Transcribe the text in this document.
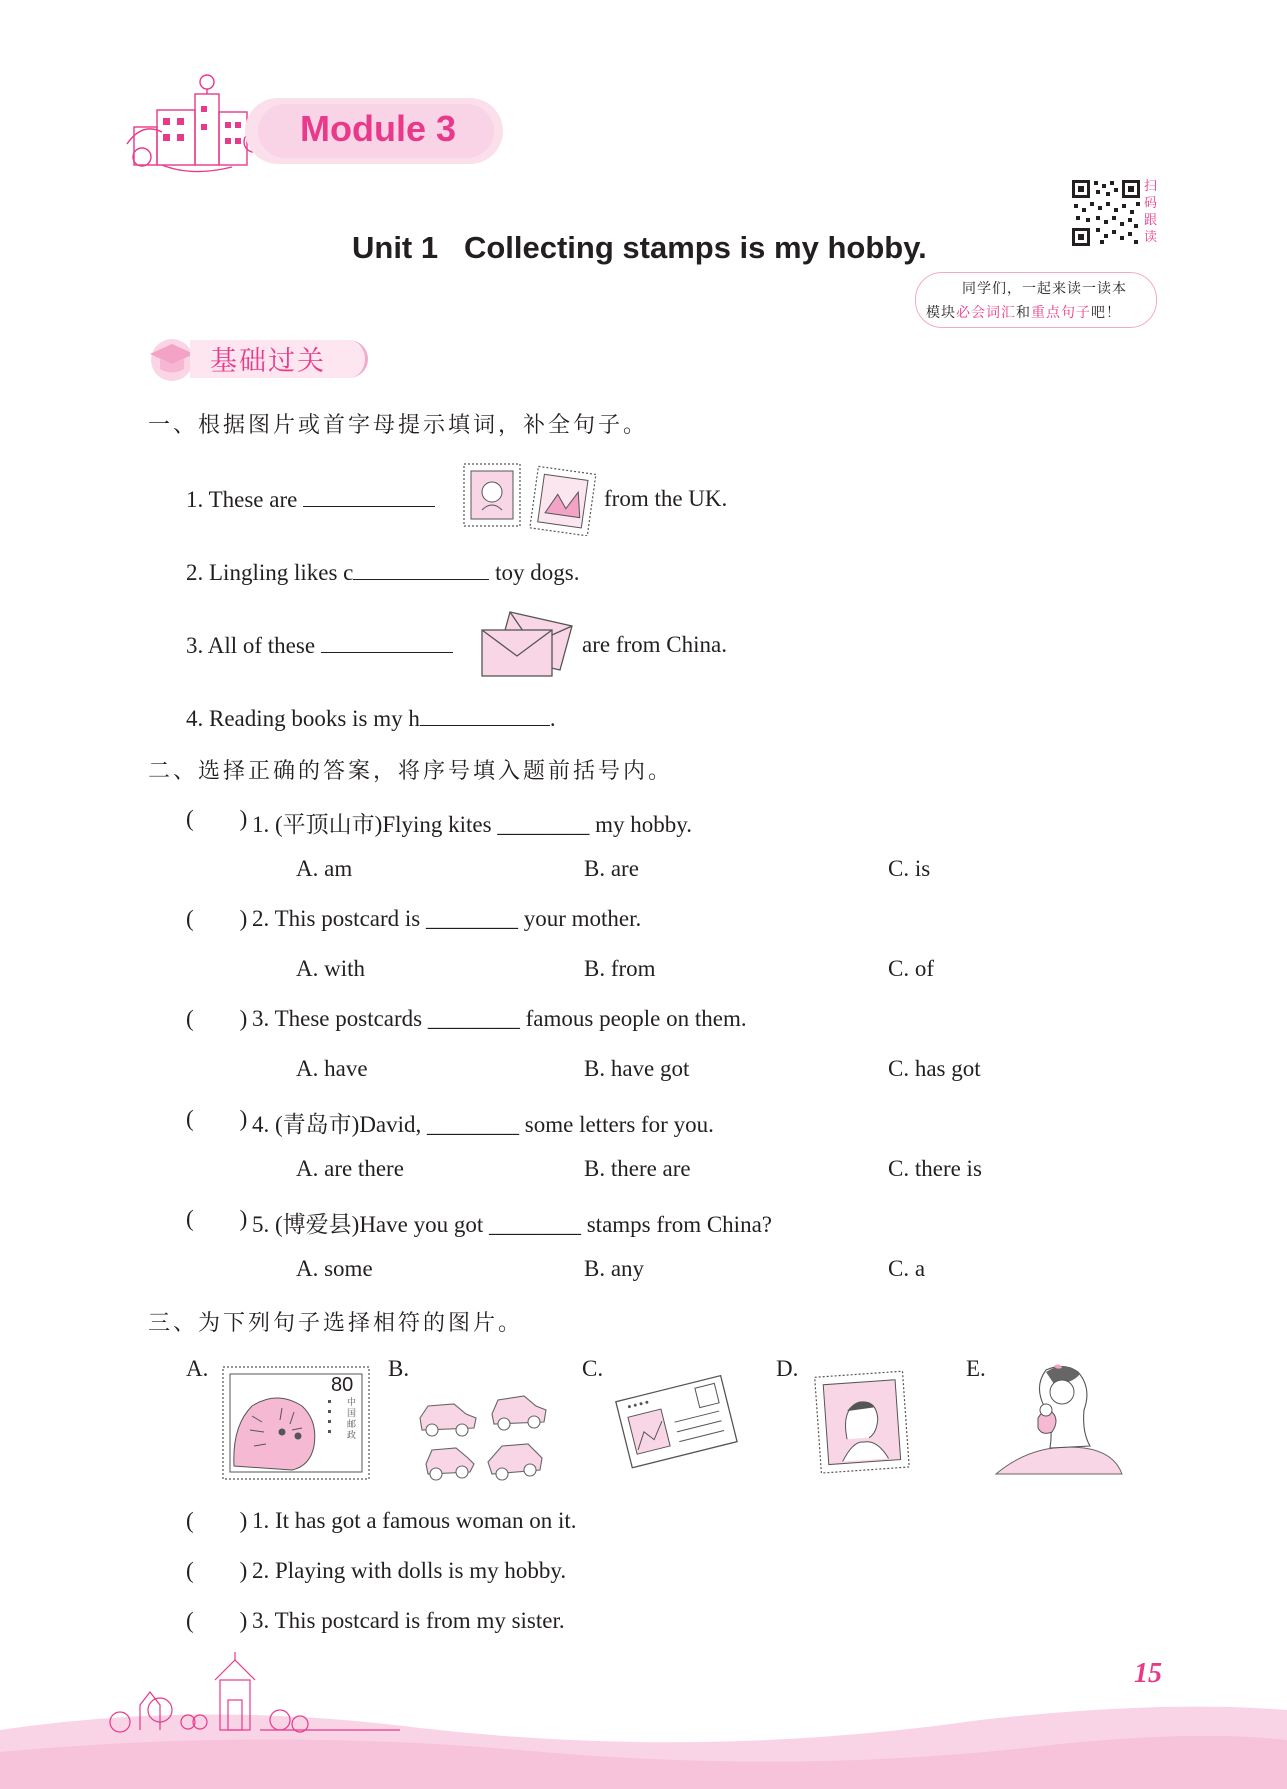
Module 3
扫
码
跟
读
Unit 1   Collecting stamps is my hobby.
同学们，一起来读一读本
模块必会词汇和重点句子吧！
基础过关
一、根据图片或首字母提示填词，补全句子。
1. These are	from the UK.
2. Lingling likes c	toy dogs.
3. All of these	are from China.
4. Reading books is my h	.
二、选择正确的答案，将序号填入题前括号内。
(        ) 1. (平顶山市)Flying kites ________ my hobby.
A. am	B. are	C. is
(        ) 2. This postcard is ________ your mother.
A. with	B. from	C. of
(        ) 3. These postcards ________ famous people on them.
A. have	B. have got	C. has got
(        ) 4. (青岛市)David, ________ some letters for you.
A. are there	B. there are	C. there is
(        ) 5. (博爱县)Have you got ________ stamps from China?
A. some	B. any	C. a
三、为下列句子选择相符的图片。
A.	B.	C.	D.	E.
80
中国邮政
(        ) 1. It has got a famous woman on it.
(        ) 2. Playing with dolls is my hobby.
(        ) 3. This postcard is from my sister.
15
